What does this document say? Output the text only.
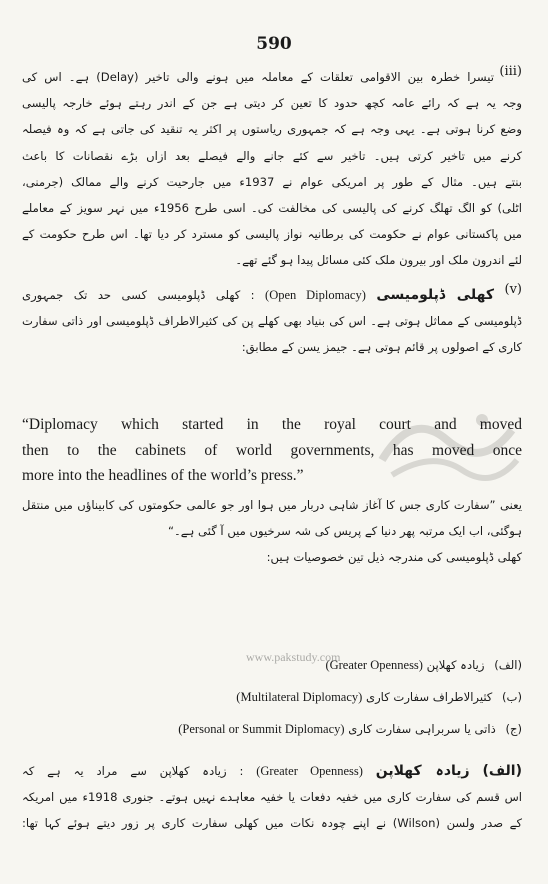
590
(iii)
تیسرا خطرہ بین الاقوامی تعلقات کے معاملہ میں ہونے والی تاخیر (Delay) ہے۔ اس کی
وجہ یہ ہے کہ رائے عامہ کچھ حدود کا تعین کر دیتی ہے جن کے اندر رہتے ہوئے خارجہ پالیسی
وضع کرنا ہوتی ہے۔ یہی وجہ ہے کہ جمہوری ریاستوں پر اکثر یہ تنقید کی جاتی ہے کہ وہ فیصلہ
کرنے میں تاخیر کرتی ہیں۔ تاخیر سے کئے جانے والے فیصلے بعد ازاں بڑے نقصانات کا باعث
بنتے ہیں۔ مثال کے طور پر امریکی عوام نے 1937ء میں جارحیت کرنے والے ممالک (جرمنی،
اٹلی) کو الگ تھلگ کرنے کی پالیسی کی مخالفت کی۔ اسی طرح 1956ء میں نہر سویز کے معاملے
میں پاکستانی عوام نے حکومت کی برطانیہ نواز پالیسی کو مسترد کر دیا تھا۔ اس طرح حکومت کے
لئے اندرون ملک اور بیرون ملک کئی مسائل پیدا ہو گئے تھے۔
(v)
کھلی ڈپلومیسی (Open Diplomacy) : کھلی ڈپلومیسی کسی حد تک جمہوری
ڈپلومیسی کے مماثل ہوتی ہے۔ اس کی بنیاد بھی کھلے پن کی کثیرالاطراف ڈپلومیسی اور ذاتی سفارت
کاری کے اصولوں پر قائم ہوتی ہے۔ جیمز یسن کے مطابق:
“Diplomacy which started in the royal court and moved
then to the cabinets of world governments, has moved once
more into the headlines of the world’s press.”
یعنی ”سفارت کاری جس کا آغاز شاہی دربار میں ہوا اور جو عالمی حکومتوں کی کابیناؤں میں منتقل
ہوگئی، اب ایک مرتبہ پھر دنیا کے پریس کی شہ سرخیوں میں آ گئی ہے۔“
کھلی ڈپلومیسی کی مندرجہ ذیل تین خصوصیات ہیں:
(الف) زیادہ کھلاپن (Greater Openness)
(ب) کثیرالاطراف سفارت کاری (Multilateral Diplomacy)
(ج) ذاتی یا سربراہی سفارت کاری (Personal or Summit Diplomacy)
(الف) زیادہ کھلاپن (Greater Openness) : زیادہ کھلاپن سے مراد یہ ہے کہ
اس قسم کی سفارت کاری میں خفیہ دفعات یا خفیہ معاہدے نہیں ہوتے۔ جنوری 1918ء میں امریکہ
کے صدر ولسن (Wilson) نے اپنے چودہ نکات میں کھلی سفارت کاری پر زور دیتے ہوئے کہا تھا:
www.pakstudy.com
